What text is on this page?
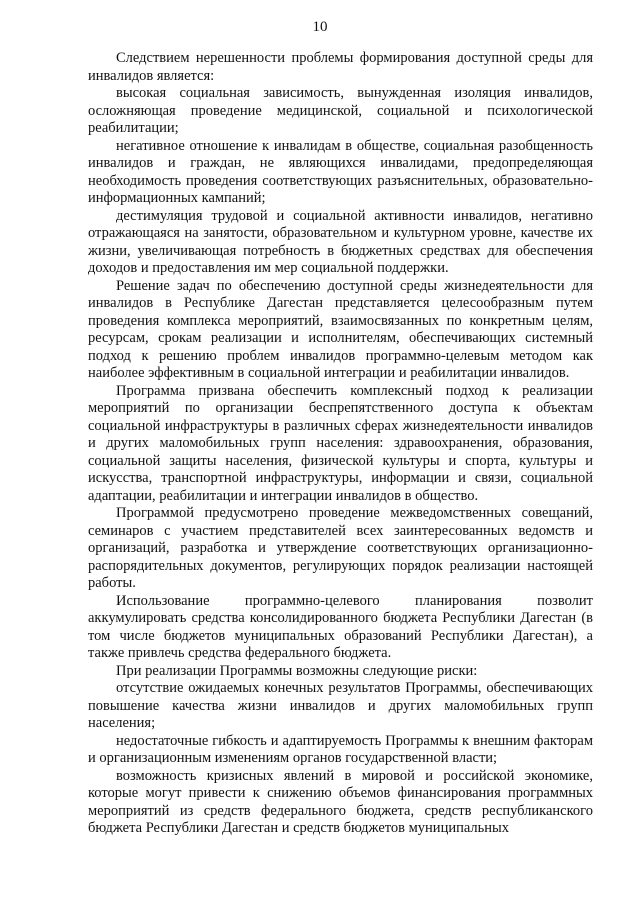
10

Следствием нерешенности проблемы формирования доступной среды для инвалидов является:

высокая социальная зависимость, вынужденная изоляция инвалидов, осложняющая проведение медицинской, социальной и психологической реабилитации;

негативное отношение к инвалидам в обществе, социальная разобщенность инвалидов и граждан, не являющихся инвалидами, предопределяющая необходимость проведения соответствующих разъяснительных, образовательно-информационных кампаний;

дестимуляция трудовой и социальной активности инвалидов, негативно отражающаяся на занятости, образовательном и культурном уровне, качестве их жизни, увеличивающая потребность в бюджетных средствах для обеспечения доходов и предоставления им мер социальной поддержки.

Решение задач по обеспечению доступной среды жизнедеятельности для инвалидов в Республике Дагестан представляется целесообразным путем проведения комплекса мероприятий, взаимосвязанных по конкретным целям, ресурсам, срокам реализации и исполнителям, обеспечивающих системный подход к решению проблем инвалидов программно-целевым методом как наиболее эффективным в социальной интеграции и реабилитации инвалидов.

Программа призвана обеспечить комплексный подход к реализации мероприятий по организации беспрепятственного доступа к объектам социальной инфраструктуры в различных сферах жизнедеятельности инвалидов и других маломобильных групп населения: здравоохранения, образования, социальной защиты населения, физической культуры и спорта, культуры и искусства, транспортной инфраструктуры, информации и связи, социальной адаптации, реабилитации и интеграции инвалидов в общество.

Программой предусмотрено проведение межведомственных совещаний, семинаров с участием представителей всех заинтересованных ведомств и организаций, разработка и утверждение соответствующих организационно-распорядительных документов, регулирующих порядок реализации настоящей работы.

Использование программно-целевого планирования позволит аккумулировать средства консолидированного бюджета Республики Дагестан (в том числе бюджетов муниципальных образований Республики Дагестан), а также привлечь средства федерального бюджета.

При реализации Программы возможны следующие риски:

отсутствие ожидаемых конечных результатов Программы, обеспечивающих повышение качества жизни инвалидов и других маломобильных групп населения;

недостаточные гибкость и адаптируемость Программы к внешним факторам и организационным изменениям органов государственной власти;

возможность кризисных явлений в мировой и российской экономике, которые могут привести к снижению объемов финансирования программных мероприятий из средств федерального бюджета, средств республиканского бюджета Республики Дагестан и средств бюджетов муниципальных
